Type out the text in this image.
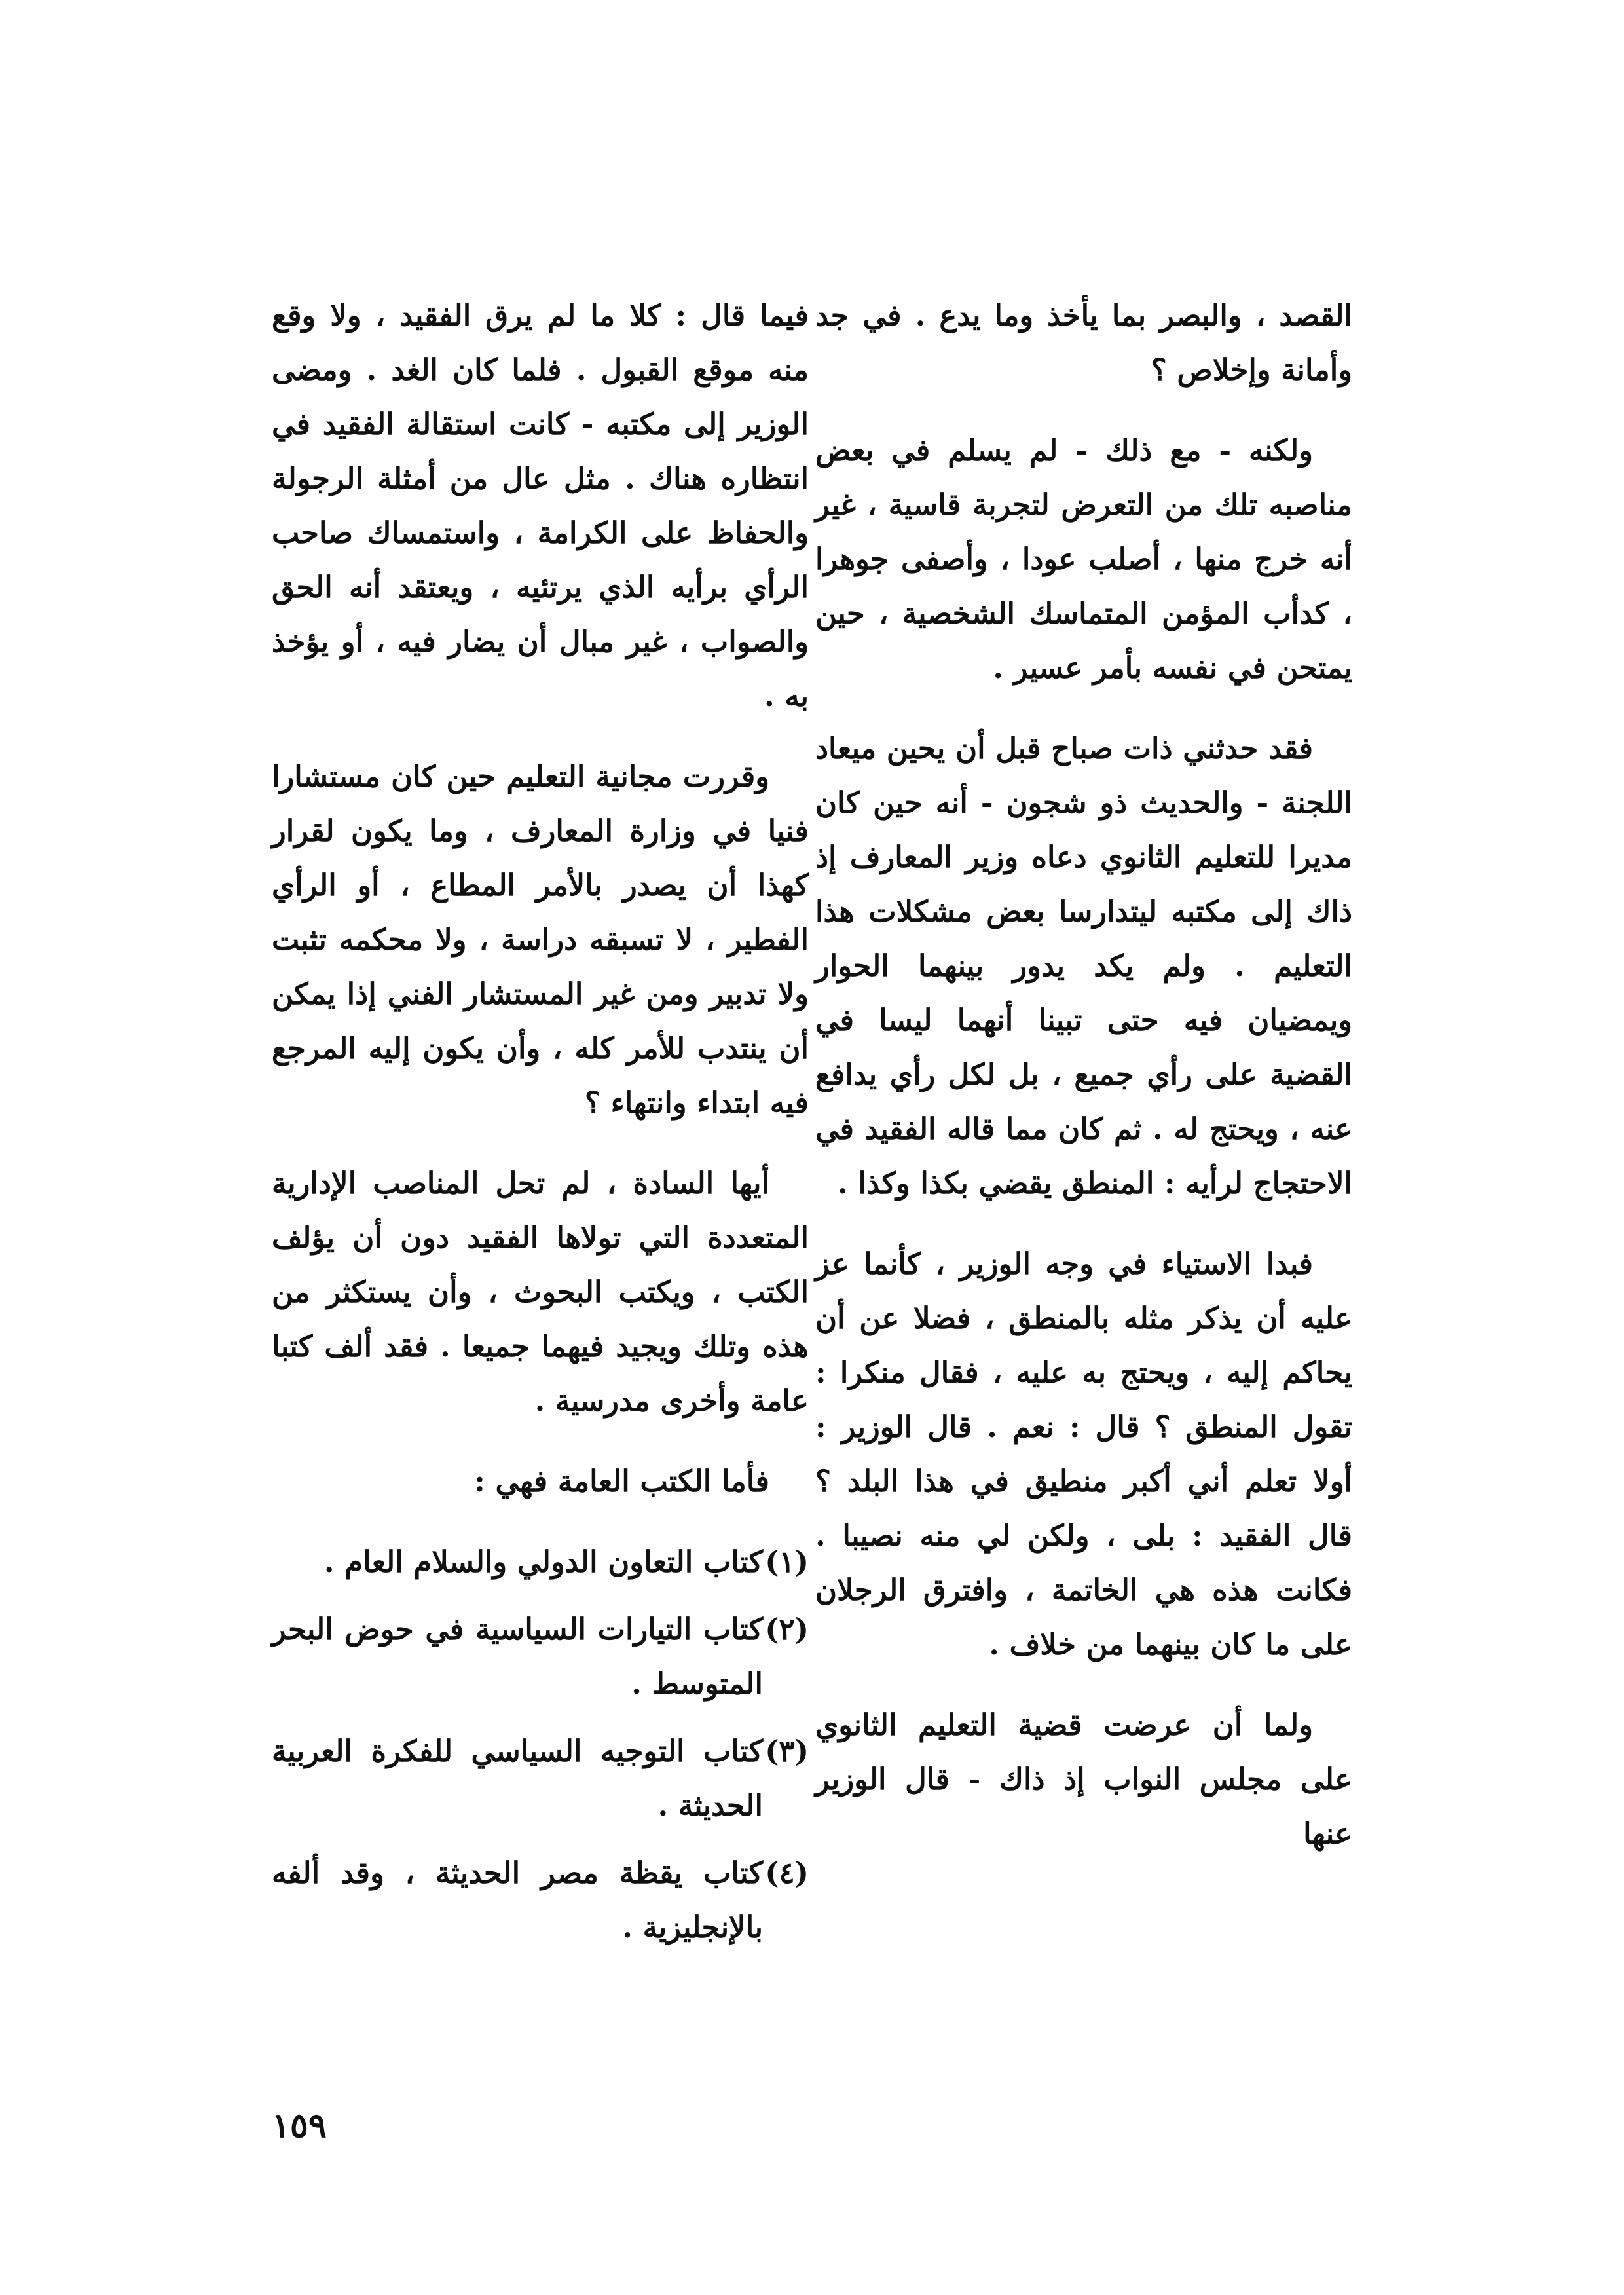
القصد ، والبصر بما يأخذ وما يدع . في جد وأمانة وإخلاص ؟

ولكنه - مع ذلك - لم يسلم في بعض مناصبه تلك من التعرض لتجربة قاسية ، غير أنه خرج منها ، أصلب عودا ، وأصفى جوهرا ، كدأب المؤمن المتماسك الشخصية ، حين يمتحن في نفسه بأمر عسير .

فقد حدثني ذات صباح قبل أن يحين ميعاد اللجنة - والحديث ذو شجون - أنه حين كان مديرا للتعليم الثانوي دعاه وزير المعارف إذ ذاك إلى مكتبه ليتدارسا بعض مشكلات هذا التعليم . ولم يكد يدور بينهما الحوار ويمضيان فيه حتى تبينا أنهما ليسا في القضية على رأي جميع ، بل لكل رأي يدافع عنه ، ويحتج له . ثم كان مما قاله الفقيد في الاحتجاج لرأيه : المنطق يقضي بكذا وكذا .

فبدا الاستياء في وجه الوزير ، كأنما عز عليه أن يذكر مثله بالمنطق ، فضلا عن أن يحاكم إليه ، ويحتج به عليه ، فقال منكرا : تقول المنطق ؟ قال : نعم . قال الوزير : أولا تعلم أني أكبر منطيق في هذا البلد ؟ قال الفقيد : بلى ، ولكن لي منه نصيبا . فكانت هذه هي الخاتمة ، وافترق الرجلان على ما كان بينهما من خلاف .

ولما أن عرضت قضية التعليم الثانوي على مجلس النواب إذ ذاك - قال الوزير عنها

فيما قال : كلا ما لم يرق الفقيد ، ولا وقع منه موقع القبول . فلما كان الغد . ومضى الوزير إلى مكتبه - كانت استقالة الفقيد في انتظاره هناك . مثل عال من أمثلة الرجولة والحفاظ على الكرامة ، واستمساك صاحب الرأي برأيه الذي يرتئيه ، ويعتقد أنه الحق والصواب ، غير مبال أن يضار فيه ، أو يؤخذ به .

وقررت مجانية التعليم حين كان مستشارا فنيا في وزارة المعارف ، وما يكون لقرار كهذا أن يصدر بالأمر المطاع ، أو الرأي الفطير ، لا تسبقه دراسة ، ولا محكمه تثبت ولا تدبير ومن غير المستشار الفني إذا يمكن أن ينتدب للأمر كله ، وأن يكون إليه المرجع فيه ابتداء وانتهاء ؟

أيها السادة ، لم تحل المناصب الإدارية المتعددة التي تولاها الفقيد دون أن يؤلف الكتب ، ويكتب البحوث ، وأن يستكثر من هذه وتلك ويجيد فيهما جميعا . فقد ألف كتبا عامة وأخرى مدرسية .

فأما الكتب العامة فهي :

(١)
كتاب التعاون الدولي والسلام العام .
(٢)
كتاب التيارات السياسية في حوض البحر المتوسط .
(٣)
كتاب التوجيه السياسي للفكرة العربية الحديثة .
(٤)
كتاب يقظة مصر الحديثة ، وقد ألفه بالإنجليزية .
١٥٩
